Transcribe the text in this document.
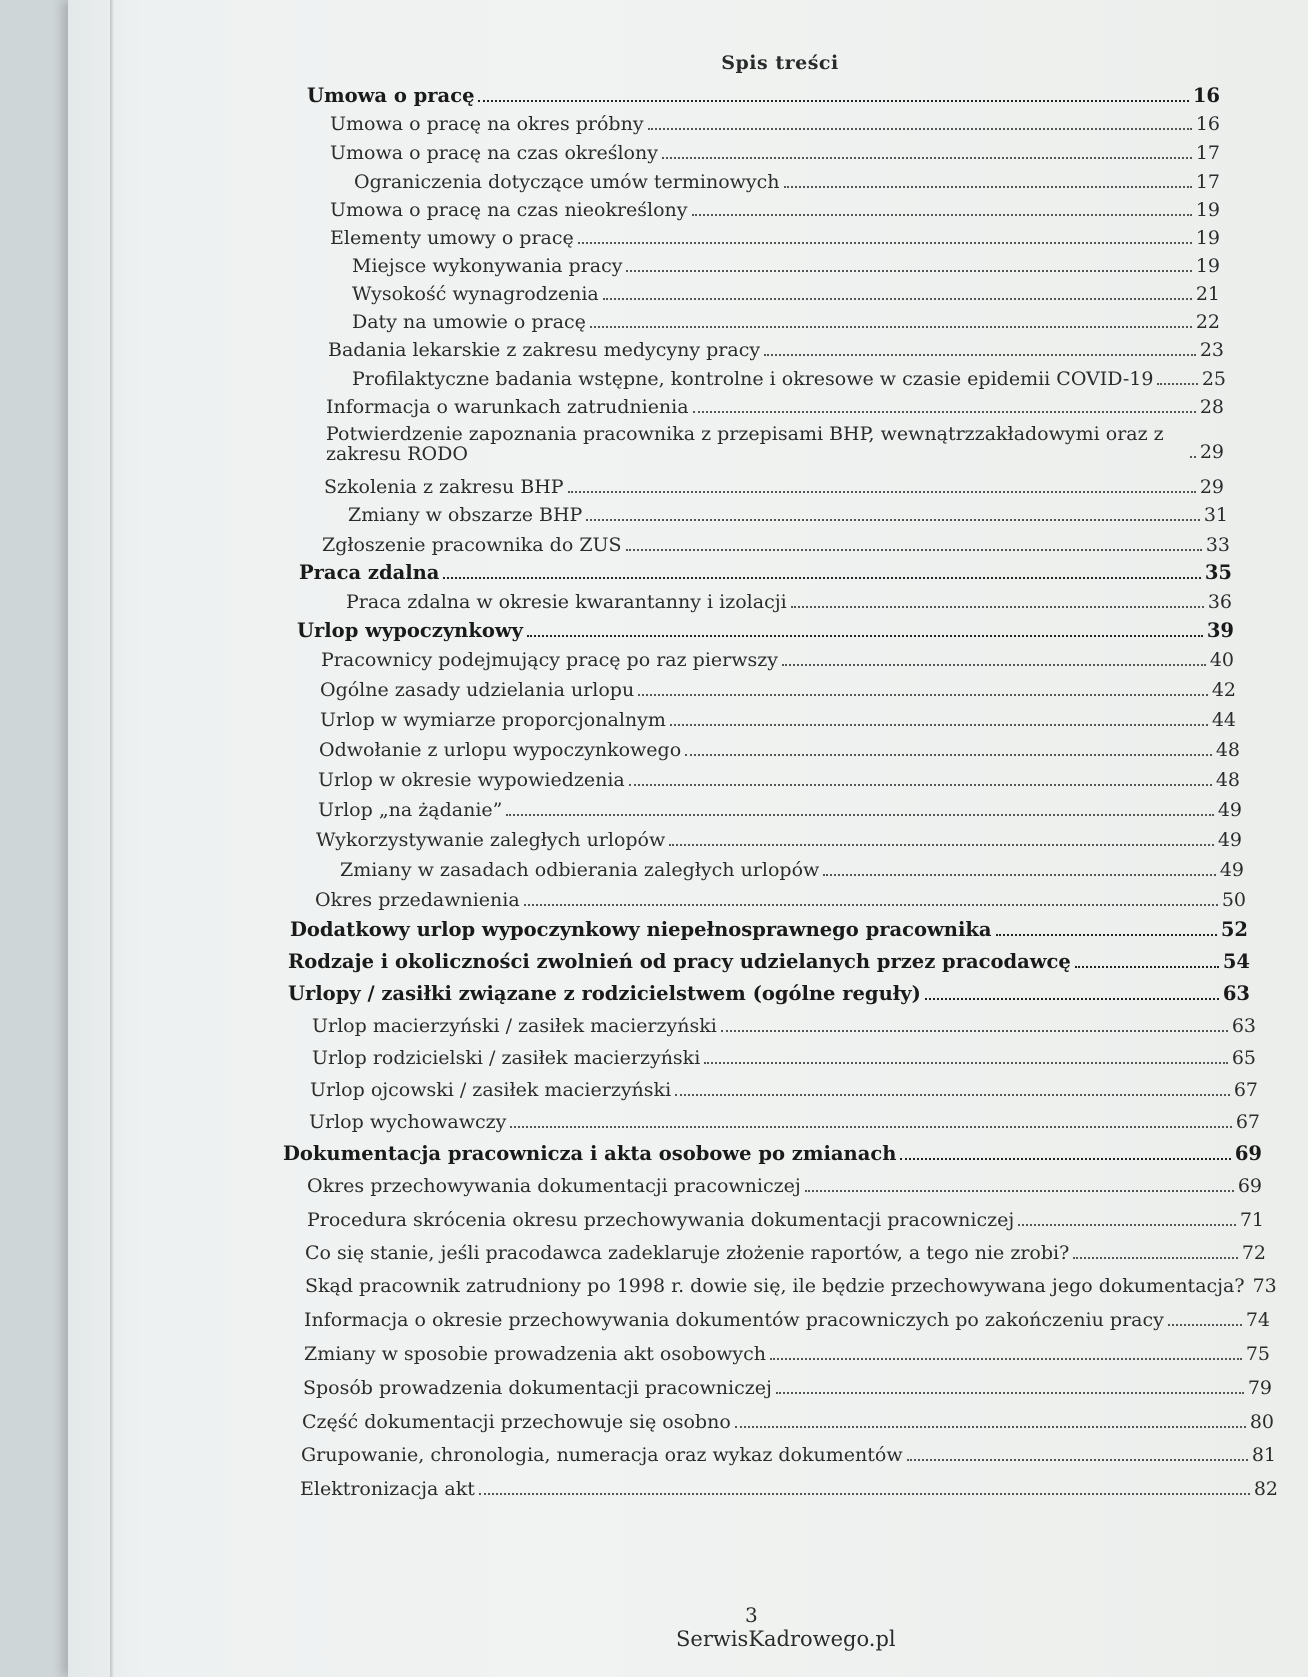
Spis treści
Umowa o pracę	16
Umowa o pracę na okres próbny	16
Umowa o pracę na czas określony	17
Ograniczenia dotyczące umów terminowych	17
Umowa o pracę na czas nieokreślony	19
Elementy umowy o pracę	19
Miejsce wykonywania pracy	19
Wysokość wynagrodzenia	21
Daty na umowie o pracę	22
Badania lekarskie z zakresu medycyny pracy	23
Profilaktyczne badania wstępne, kontrolne i okresowe w czasie epidemii COVID-19	25
Informacja o warunkach zatrudnienia	28
Potwierdzenie zapoznania pracownika z przepisami BHP, wewnątrzzakładowymi oraz z zakresu RODO	29
Szkolenia z zakresu BHP	29
Zmiany w obszarze BHP	31
Zgłoszenie pracownika do ZUS	33
Praca zdalna	35
Praca zdalna w okresie kwarantanny i izolacji	36
Urlop wypoczynkowy	39
Pracownicy podejmujący pracę po raz pierwszy	40
Ogólne zasady udzielania urlopu	42
Urlop w wymiarze proporcjonalnym	44
Odwołanie z urlopu wypoczynkowego	48
Urlop w okresie wypowiedzenia	48
Urlop „na żądanie”	49
Wykorzystywanie zaległych urlopów	49
Zmiany w zasadach odbierania zaległych urlopów	49
Okres przedawnienia	50
Dodatkowy urlop wypoczynkowy niepełnosprawnego pracownika	52
Rodzaje i okoliczności zwolnień od pracy udzielanych przez pracodawcę	54
Urlopy / zasiłki związane z rodzicielstwem (ogólne reguły)	63
Urlop macierzyński / zasiłek macierzyński	63
Urlop rodzicielski / zasiłek macierzyński	65
Urlop ojcowski / zasiłek macierzyński	67
Urlop wychowawczy	67
Dokumentacja pracownicza i akta osobowe po zmianach	69
Okres przechowywania dokumentacji pracowniczej	69
Procedura skrócenia okresu przechowywania dokumentacji pracowniczej	71
Co się stanie, jeśli pracodawca zadeklaruje złożenie raportów, a tego nie zrobi?	72
Skąd pracownik zatrudniony po 1998 r. dowie się, ile będzie przechowywana jego dokumentacja? 73
Informacja o okresie przechowywania dokumentów pracowniczych po zakończeniu pracy	74
Zmiany w sposobie prowadzenia akt osobowych	75
Sposób prowadzenia dokumentacji pracowniczej	79
Część dokumentacji przechowuje się osobno	80
Grupowanie, chronologia, numeracja oraz wykaz dokumentów	81
Elektronizacja akt	82
3
SerwisKadrowego.pl
